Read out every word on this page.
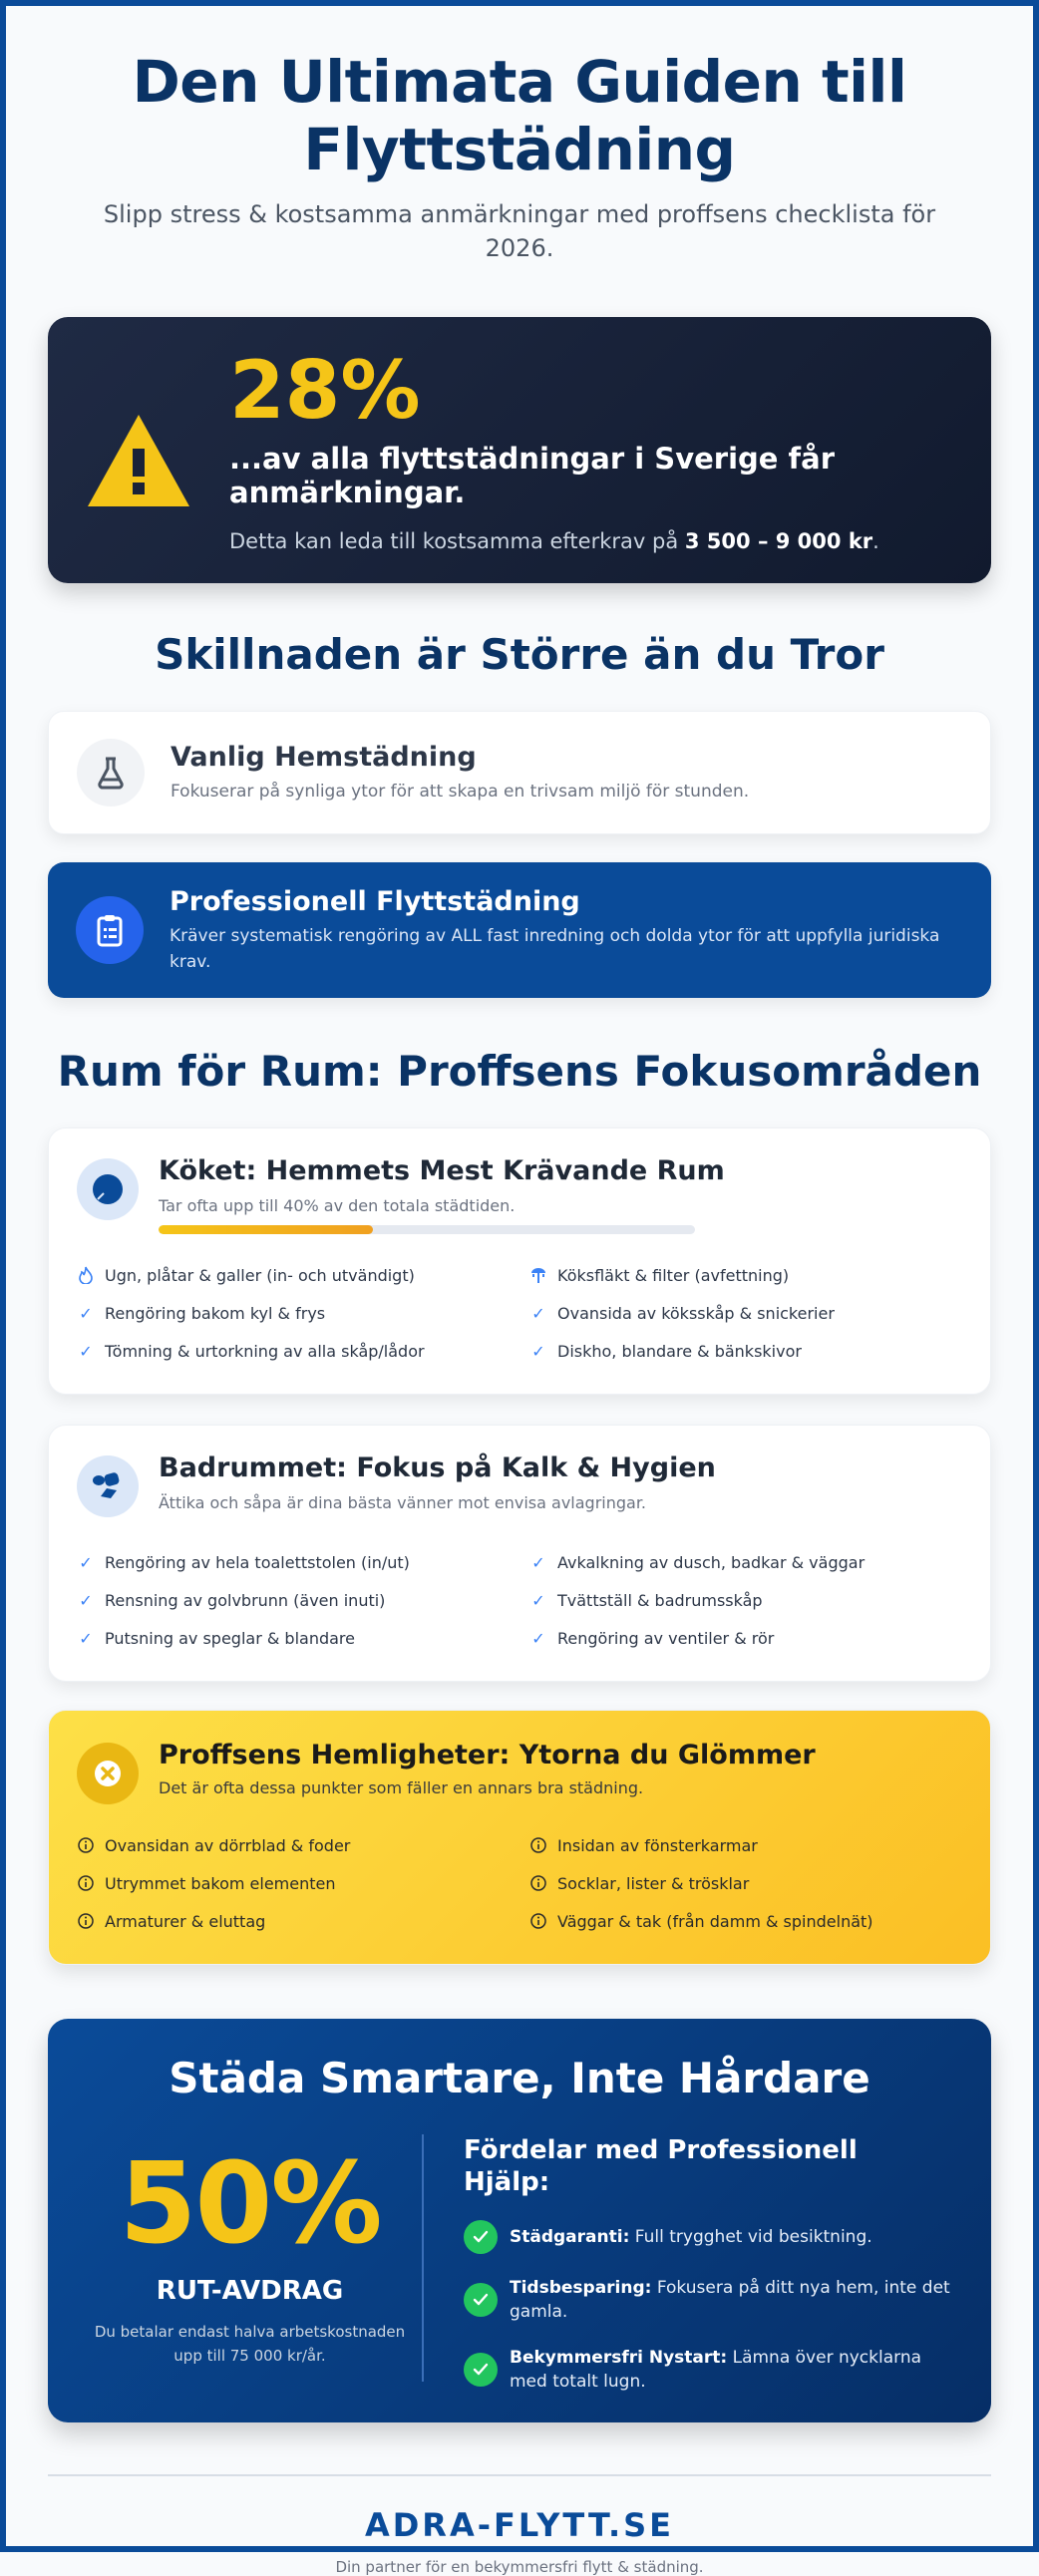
Den Ultimata Guiden till Flyttstädning

Slipp stress & kostsamma anmärkningar med proffsens checklista för 2026.

28%
...av alla flyttstädningar i Sverige får anmärkningar.
Detta kan leda till kostsamma efterkrav på 3 500 – 9 000 kr.
Skillnaden är Större än du Tror
Vanlig Hemstädning

Fokuserar på synliga ytor för att skapa en trivsam miljö för stunden.

Professionell Flyttstädning

Kräver systematisk rengöring av ALL fast inredning och dolda ytor för att uppfylla juridiska krav.

Rum för Rum: Proffsens Fokusområden
Köket: Hemmets Mest Krävande Rum
Tar ofta upp till 40% av den totala städtiden.
Ugn, plåtar & galler (in- och utvändigt)	Köksfläkt & filter (avfettning)
✓ Rengöring bakom kyl & frys	✓ Ovansida av köksskåp & snickerier
✓ Tömning & urtorkning av alla skåp/lådor	✓ Diskho, blandare & bänkskivor
Badrummet: Fokus på Kalk & Hygien
Ättika och såpa är dina bästa vänner mot envisa avlagringar.
✓ Rengöring av hela toalettstolen (in/ut)	✓ Avkalkning av dusch, badkar & väggar
✓ Rensning av golvbrunn (även inuti)	✓ Tvättställ & badrumsskåp
✓ Putsning av speglar & blandare	✓ Rengöring av ventiler & rör
Proffsens Hemligheter: Ytorna du Glömmer
Det är ofta dessa punkter som fäller en annars bra städning.
Ovansidan av dörrblad & foder	Insidan av fönsterkarmar
Utrymmet bakom elementen	Socklar, lister & trösklar
Armaturer & eluttag	Väggar & tak (från damm & spindelnät)
Städa Smartare, Inte Hårdare
50%
RUT-AVDRAG
Du betalar endast halva arbetskostnaden upp till 75 000 kr/år.
Fördelar med Professionell Hjälp:
Städgaranti: Full trygghet vid besiktning.
Tidsbesparing: Fokusera på ditt nya hem, inte det gamla.
Bekymmersfri Nystart: Lämna över nycklarna med totalt lugn.
ADRA-FLYTT.SE
Din partner för en bekymmersfri flytt & städning.
